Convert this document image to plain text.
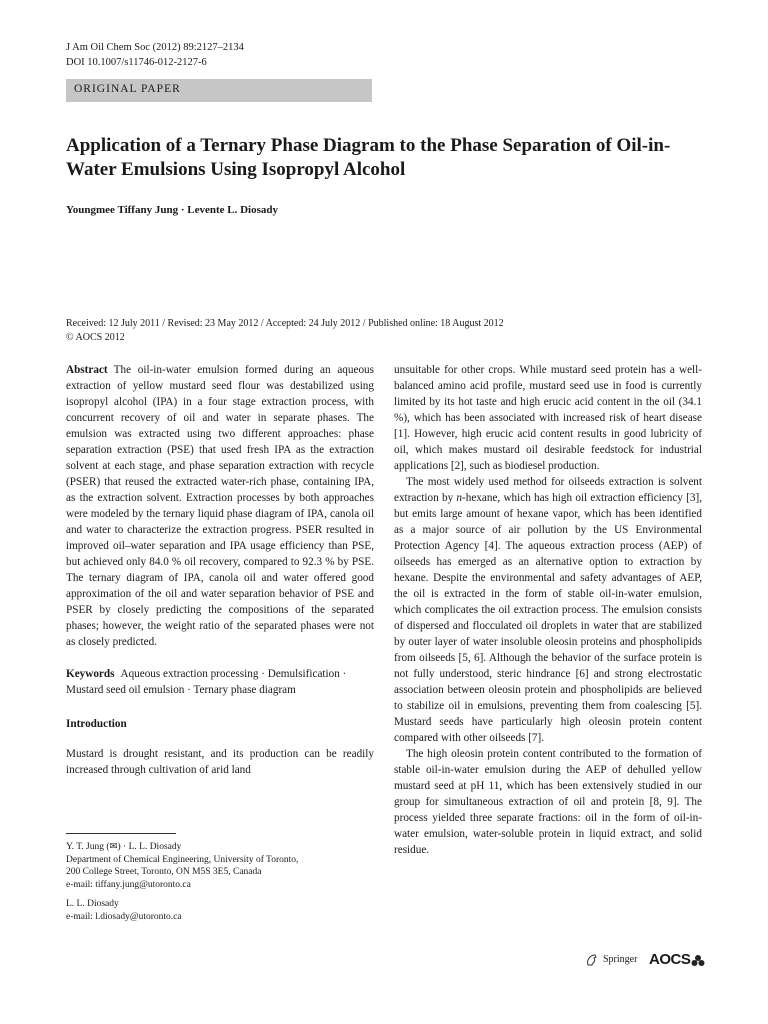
J Am Oil Chem Soc (2012) 89:2127–2134
DOI 10.1007/s11746-012-2127-6
ORIGINAL PAPER
Application of a Ternary Phase Diagram to the Phase Separation of Oil-in-Water Emulsions Using Isopropyl Alcohol
Youngmee Tiffany Jung · Levente L. Diosady
Received: 12 July 2011 / Revised: 23 May 2012 / Accepted: 24 July 2012 / Published online: 18 August 2012
© AOCS 2012

Abstract The oil-in-water emulsion formed during an aqueous extraction of yellow mustard seed flour was destabilized using isopropyl alcohol (IPA) in a four stage extraction process, with concurrent recovery of oil and water in separate phases. The emulsion was extracted using two different approaches: phase separation extraction (PSE) that used fresh IPA as the extraction solvent at each stage, and phase separation extraction with recycle (PSER) that reused the extracted water-rich phase, containing IPA, as the extraction solvent. Extraction processes by both approaches were modeled by the ternary liquid phase diagram of IPA, canola oil and water to characterize the extraction progress. PSER resulted in improved oil–water separation and IPA usage efficiency than PSE, but achieved only 84.0 % oil recovery, compared to 92.3 % by PSE. The ternary diagram of IPA, canola oil and water offered good approximation of the oil and water separation behavior of PSE and PSER by closely predicting the compositions of the separated phases; however, the weight ratio of the separated phases were not as closely predicted.

Keywords Aqueous extraction processing · Demulsification · Mustard seed oil emulsion · Ternary phase diagram

Introduction

Mustard is drought resistant, and its production can be readily increased through cultivation of arid land

Y. T. Jung (✉) · L. L. Diosady

Department of Chemical Engineering, University of Toronto,

200 College Street, Toronto, ON M5S 3E5, Canada

e-mail: tiffany.jung@utoronto.ca

L. L. Diosady

e-mail: l.diosady@utoronto.ca

unsuitable for other crops. While mustard seed protein has a well-balanced amino acid profile, mustard seed use in food is currently limited by its hot taste and high erucic acid content in the oil (34.1 %), which has been associated with increased risk of heart disease [1]. However, high erucic acid content results in good lubricity of oil, which makes mustard oil desirable feedstock for industrial applications [2], such as biodiesel production.

The most widely used method for oilseeds extraction is solvent extraction by n-hexane, which has high oil extraction efficiency [3], but emits large amount of hexane vapor, which has been identified as a major source of air pollution by the US Environmental Protection Agency [4]. The aqueous extraction process (AEP) of oilseeds has emerged as an alternative option to extraction by hexane. Despite the environmental and safety advantages of AEP, the oil is extracted in the form of stable oil-in-water emulsion, which complicates the oil extraction process. The emulsion consists of dispersed and flocculated oil droplets in water that are stabilized by outer layer of water insoluble oleosin proteins and phospholipids from oilseeds [5, 6]. Although the behavior of the surface protein is not fully understood, steric hindrance [6] and strong electrostatic association between oleosin protein and phospholipids are believed to stabilize oil in emulsions, preventing them from coalescing [5]. Mustard seeds have particularly high oleosin protein content compared with other oilseeds [7].

The high oleosin protein content contributed to the formation of stable oil-in-water emulsion during the AEP of dehulled yellow mustard seed at pH 11, which has been extensively studied in our group for simultaneous extraction of oil and protein [8, 9]. The process yielded three separate fractions: oil in the form of oil-in-water emulsion, water-soluble protein in liquid extract, and solid residue.

Springer AOCS
